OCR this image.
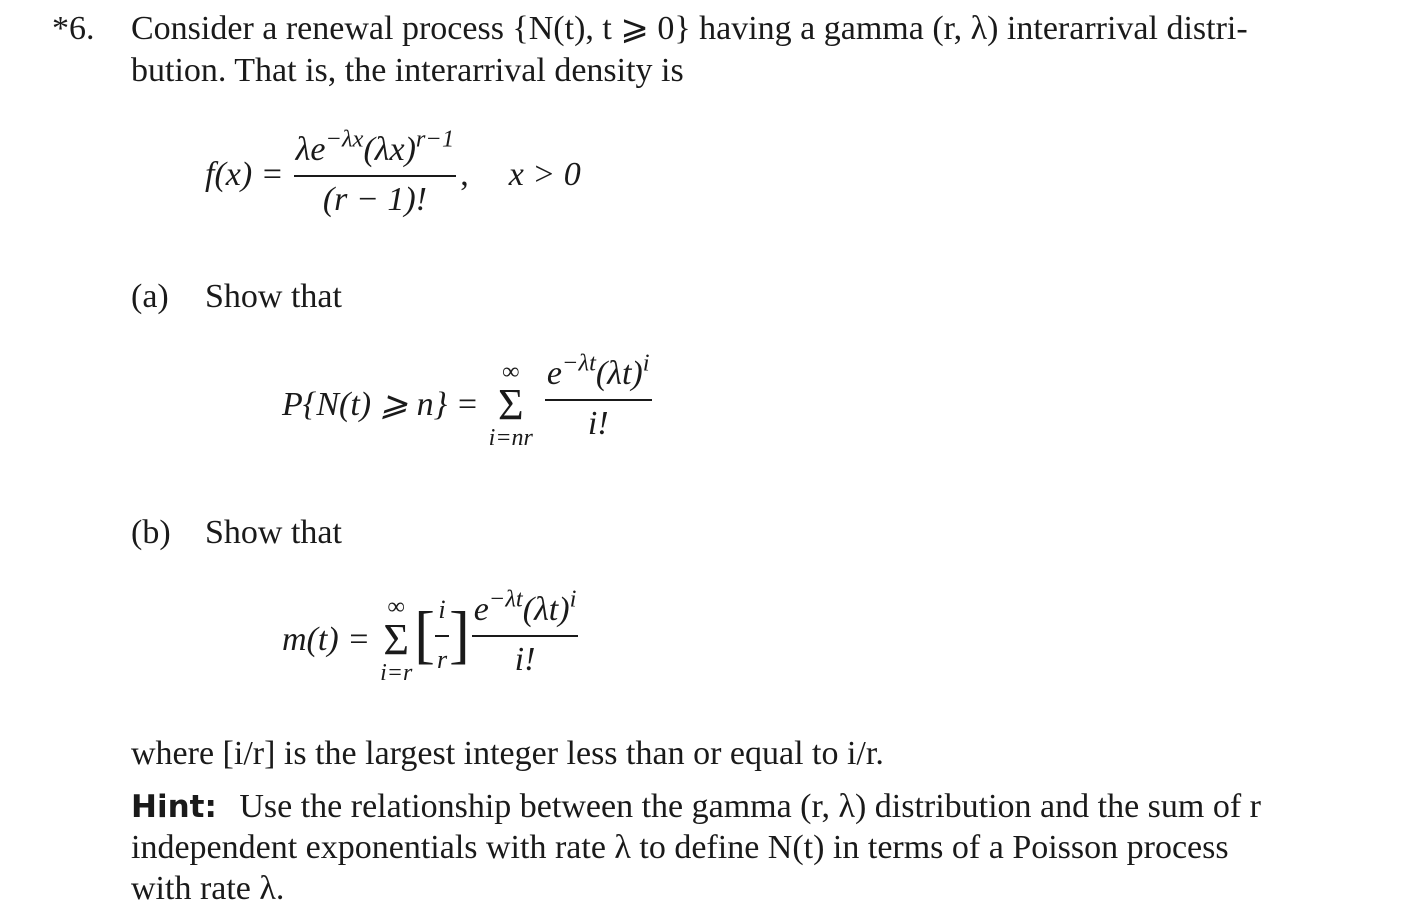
*6. Consider a renewal process {N(t), t ⩾ 0} having a gamma (r, λ) interarrival distri-
bution. That is, the interarrival density is
$f(x) = \frac{\lambda e^{-\lambda x}(\lambda x)^{r-1}}{(r - 1)!}$ , x > 0
(a) Show that
P{N(t) ⩾ n} =
∞
Σ
$i=nr \frac{e^{-\lambda t}(\lambda t)^i}{i!}$
(b) Show that
m(t) =
∞
Σ
i=r
[ $\frac{i}{r}$ ] $\frac{e^{-\lambda t}(\lambda t)^i}{i!}$
where [i/r] is the largest integer less than or equal to i/r.
Hint: Use the relationship between the gamma (r, λ) distribution and the sum of r
independent exponentials with rate λ to define N(t) in terms of a Poisson process
with rate λ.
